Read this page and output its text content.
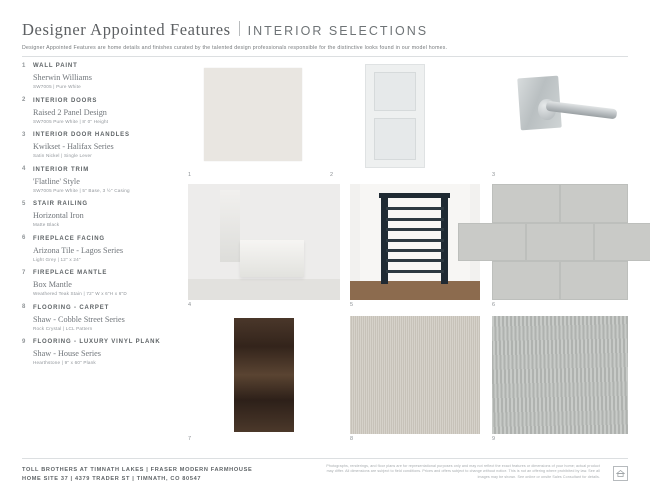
Designer Appointed Features INTERIOR SELECTIONS
Designer Appointed Features are home details and finishes curated by the talented design professionals responsible for the distinctive looks found in our model homes.
1	WALL PAINT
Sherwin Williams
SW7005 | Pure White
2	INTERIOR DOORS
Raised 2 Panel Design
SW7005 Pure White | 8' 0" Height
3	INTERIOR DOOR HANDLES
Kwikset - Halifax Series
Satin Nickel | Single Lever
4	INTERIOR TRIM
'Flatline' Style
SW7005 Pure White | 5" Base, 3 ½" Casing
5	STAIR RAILING
Horizontal Iron
Matte Black
6	FIREPLACE FACING
Arizona Tile - Lagos Series
Light Grey | 12" x 24"
7	FIREPLACE MANTLE
Box Mantle
Weathered Teak Stain | 72" W x 6"H x 6"D
8	FLOORING - CARPET
Shaw - Cobble Street Series
Rock Crystal | LCL Pattern
9	FLOORING - LUXURY VINYL PLANK
Shaw - House Series
Hearthstone | 9" x 60" Plank
1	2	3
4	5	6
7	8	9
TOLL BROTHERS AT TIMNATH LAKES | FRASER MODERN FARMHOUSE
HOME SITE 37 | 4379 TRADER ST | TIMNATH, CO 80547
Photographs, renderings, and floor plans are for representational purposes only and may not reflect the exact features or dimensions of your home; actual product may differ. All dimensions are subject to field conditions. Prices and offers subject to change without notice. This is not an offering where prohibited by law. See all images may be shown. See online or onsite Sales Consultant for details.
